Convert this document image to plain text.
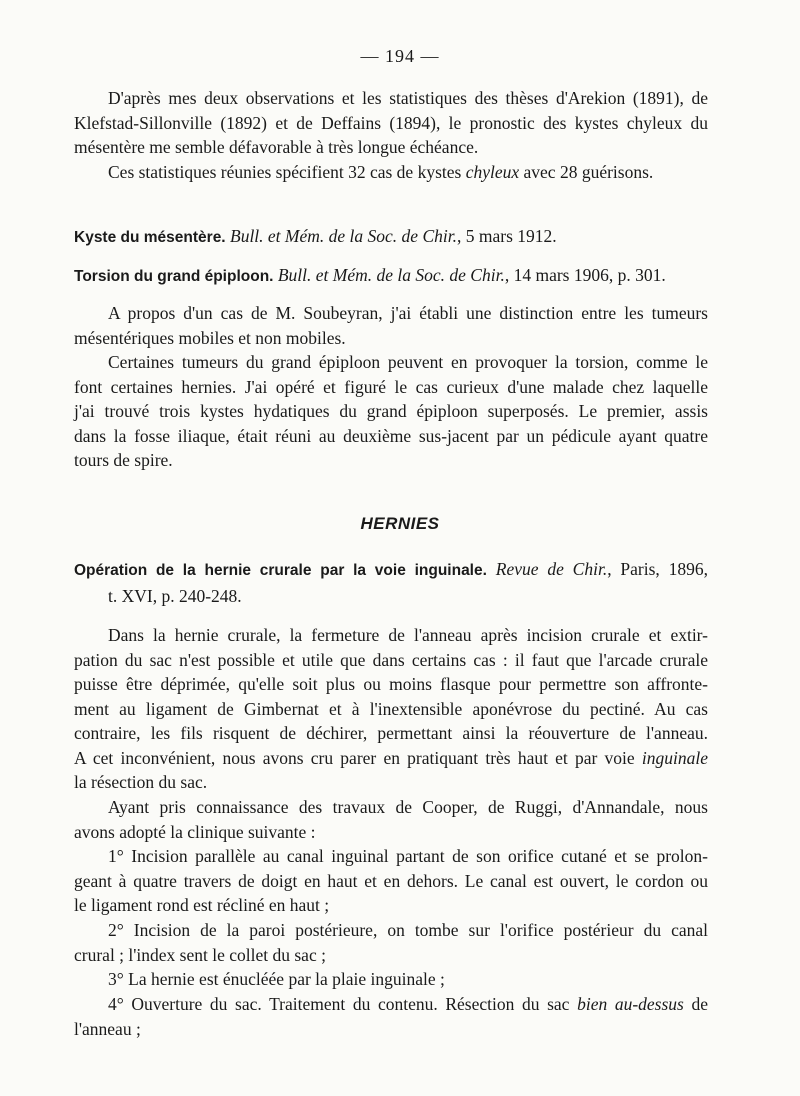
— 194 —
D'après mes deux observations et les statistiques des thèses d'Arekion (1891), de
Klefstad-Sillonville (1892) et de Deffains (1894), le pronostic des kystes chyleux du
mésentère me semble défavorable à très longue échéance.
Ces statistiques réunies spécifient 32 cas de kystes chyleux avec 28 guérisons.
Kyste du mésentère. Bull. et Mém. de la Soc. de Chir., 5 mars 1912.
Torsion du grand épiploon. Bull. et Mém. de la Soc. de Chir., 14 mars 1906, p. 301.
A propos d'un cas de M. Soubeyran, j'ai établi une distinction entre les tumeurs
mésentériques mobiles et non mobiles.
Certaines tumeurs du grand épiploon peuvent en provoquer la torsion, comme le
font certaines hernies. J'ai opéré et figuré le cas curieux d'une malade chez laquelle
j'ai trouvé trois kystes hydatiques du grand épiploon superposés. Le premier, assis
dans la fosse iliaque, était réuni au deuxième sus-jacent par un pédicule ayant quatre
tours de spire.
HERNIES
Opération de la hernie crurale par la voie inguinale. Revue de Chir., Paris, 1896,
t. XVI, p. 240-248.
Dans la hernie crurale, la fermeture de l'anneau après incision crurale et extir-
pation du sac n'est possible et utile que dans certains cas : il faut que l'arcade crurale
puisse être déprimée, qu'elle soit plus ou moins flasque pour permettre son affronte-
ment au ligament de Gimbernat et à l'inextensible aponévrose du pectiné. Au cas
contraire, les fils risquent de déchirer, permettant ainsi la réouverture de l'anneau.
A cet inconvénient, nous avons cru parer en pratiquant très haut et par voie inguinale
la résection du sac.
Ayant pris connaissance des travaux de Cooper, de Ruggi, d'Annandale, nous
avons adopté la clinique suivante :
1° Incision parallèle au canal inguinal partant de son orifice cutané et se prolon-
geant à quatre travers de doigt en haut et en dehors. Le canal est ouvert, le cordon ou
le ligament rond est récliné en haut ;
2° Incision de la paroi postérieure, on tombe sur l'orifice postérieur du canal
crural ; l'index sent le collet du sac ;
3° La hernie est énucléée par la plaie inguinale ;
4° Ouverture du sac. Traitement du contenu. Résection du sac bien au-dessus de
l'anneau ;
